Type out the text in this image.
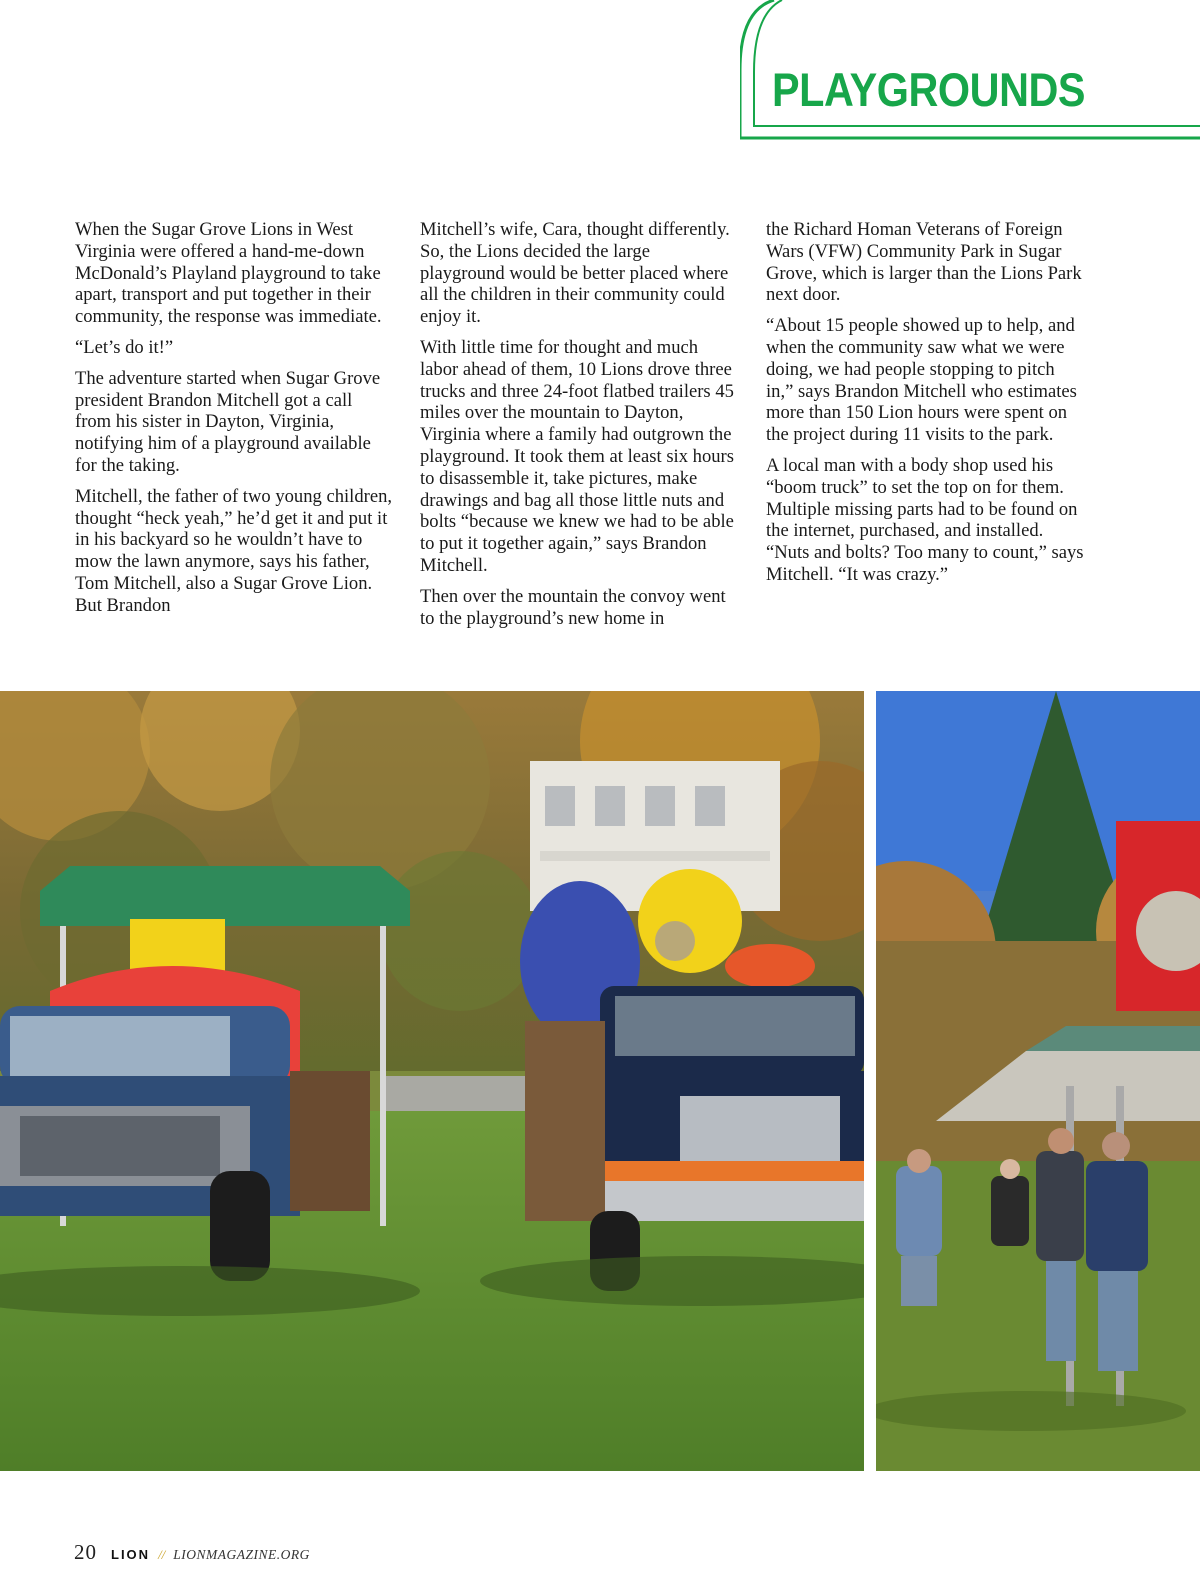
PLAYGROUNDS

When the Sugar Grove Lions in West Virginia were offered a hand-me-down McDonald’s Playland playground to take apart, transport and put together in their community, the response was immediate.

“Let’s do it!”

The adventure started when Sugar Grove president Brandon Mitchell got a call from his sister in Dayton, Virginia, notifying him of a playground available for the taking.

Mitchell, the father of two young children, thought “heck yeah,” he’d get it and put it in his backyard so he wouldn’t have to mow the lawn anymore, says his father, Tom Mitchell, also a Sugar Grove Lion. But Brandon

Mitchell’s wife, Cara, thought differently. So, the Lions decided the large playground would be better placed where all the children in their community could enjoy it.

With little time for thought and much labor ahead of them, 10 Lions drove three trucks and three 24-foot flatbed trailers 45 miles over the mountain to Dayton, Virginia where a family had outgrown the playground. It took them at least six hours to disassemble it, take pictures, make drawings and bag all those little nuts and bolts “because we knew we had to be able to put it together again,” says Brandon Mitchell.

Then over the mountain the convoy went to the playground’s new home in

the Richard Homan Veterans of Foreign Wars (VFW) Community Park in Sugar Grove, which is larger than the Lions Park next door.

“About 15 people showed up to help, and when the community saw what we were doing, we had people stopping to pitch in,” says Brandon Mitchell who estimates more than 150 Lion hours were spent on the project during 11 visits to the park.

A local man with a body shop used his “boom truck” to set the top on for them. Multiple missing parts had to be found on the internet, purchased, and installed. “Nuts and bolts? Too many to count,” says Mitchell. “It was crazy.”

20 LION // LIONMAGAZINE.ORG
